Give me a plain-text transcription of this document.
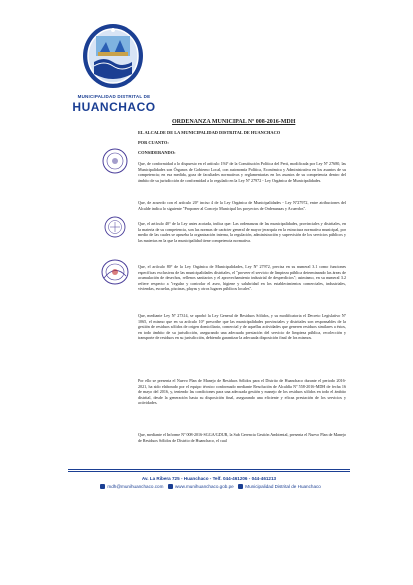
MUNICIPALIDAD DISTRITAL DE
HUANCHACO
ORDENANZA MUNICIPAL Nº 008-2016-MDH
EL ALCALDE DE LA MUNICIPALIDAD DISTRITAL DE HUANCHACO
POR CUANTO:
CONSIDERANDO:

Que, de conformidad a lo dispuesto en el artículo 194° de la Constitución Política del Perú, modificada por Ley Nº 27680, las Municipalidades son Órganos de Gobierno Local, con autonomía Política, Económica y Administrativa en los asuntos de su competencia; en esa medida, goza de facultades normativas y reglamentarias en los asuntos de su competencia dentro del ámbito de su jurisdicción de conformidad a lo regulado en la Ley Nº 27972 - Ley Orgánica de Municipalidades.

Que, de acuerdo con el artículo 20° inciso 4 de la Ley Orgánica de Municipalidades - Ley Nº27972, entre atribuciones del Alcalde indica lo siguiente "Proponer al Concejo Municipal los proyectos de Ordenanzas y Acuerdos".

Que, el artículo 40° de la Ley antes acotada, indica que: Las ordenanzas de las municipalidades, provinciales y distritales, en la materia de su competencia, son las normas de carácter general de mayor jerarquía en la estructura normativa municipal, por medio de las cuales se aprueba la organización interna, la regulación, administración y supervisión de los servicios públicos y las materias en la que la municipalidad tiene competencia normativa.

Que, el artículo 80° de la Ley Orgánica de Municipalidades, Ley Nº 27972, precisa en su numeral 3.1 como funciones específicas exclusivas de las municipalidades distritales, el "proveer el servicio de limpieza pública determinando las áreas de acumulación de desechos, rellenos sanitarios y el aprovechamiento industrial de desperdicios"; asimismo, en su numeral 3.2 refiere respecto a "regular y controlar el aseo, higiene y salubridad en los establecimientos comerciales, industriales, viviendas, escuelas, piscinas, playas y otros lugares públicos locales".

Que, mediante Ley Nº 27314, se aprobó la Ley General de Residuos Sólidos, y su modificatoria el Decreto Legislativo Nº 1065, el mismo que en su artículo 10° prescribe que las municipalidades provinciales y distritales son responsables de la gestión de residuos sólidos de origen domiciliario, comercial y de aquellas actividades que generen residuos similares a éstos, en todo ámbito de su jurisdicción, asegurando una adecuada prestación del servicio de limpieza pública, recolección y transporte de residuos en su jurisdicción, debiendo garantizar la adecuada disposición final de los mismos.

Por ello se presenta el Nuevo Plan de Manejo de Residuos Sólidos para el Distrito de Huanchaco durante el periodo 2016-2021, ha sido elaborado por el equipo técnico conformado mediante Resolución de Alcaldía Nº 558-2016-MDH de fecha 16 de mayo del 2016, y, teniendo las condiciones para una adecuada gestión y manejo de los residuos sólidos en todo el ámbito distrital, desde la generación hasta su disposición final, asegurando una eficiente y eficaz prestación de los servicios y actividades.

Que, mediante el Informe Nº 008-2016-SGGA/GDUR, la Sub Gerencia Gestión Ambiental, presenta el Nuevo Plan de Manejo de Residuos Sólidos de Distrito de Huanchaco, el cual

Av. La Ribera 725 - Huanchaco - Telf. 044-461206 - 044-461213
mdh@munihuanchaco.com	www.munihuanchaco.gob.pe	Municipalidad Distrital de Huanchaco
